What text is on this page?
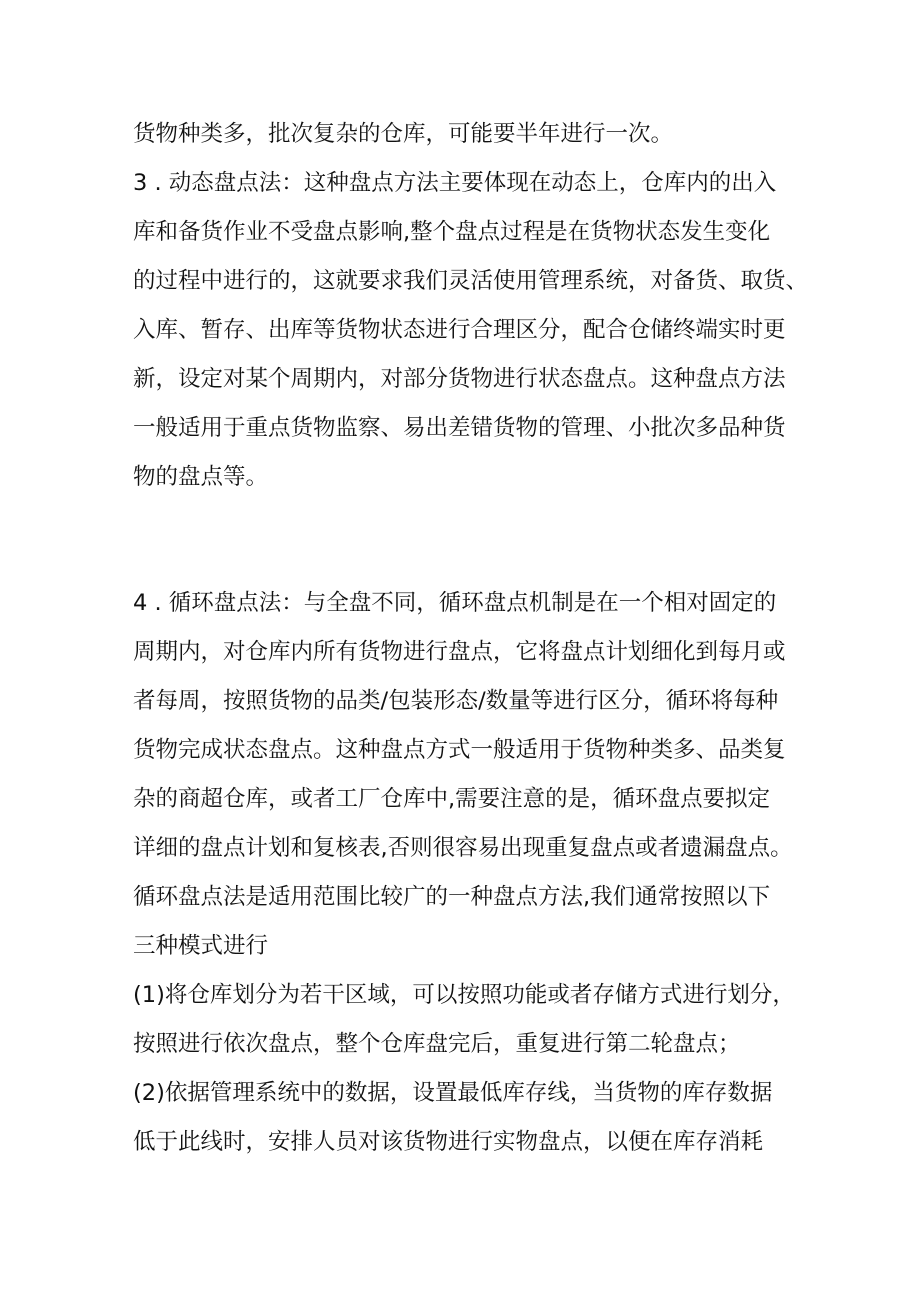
货物种类多，批次复杂的仓库，可能要半年进行一次。
3 . 动态盘点法：这种盘点方法主要体现在动态上，仓库内的出入
库和备货作业不受盘点影响,整个盘点过程是在货物状态发生变化
的过程中进行的，这就要求我们灵活使用管理系统，对备货、取货、
入库、暂存、出库等货物状态进行合理区分，配合仓储终端实时更
新，设定对某个周期内，对部分货物进行状态盘点。这种盘点方法
一般适用于重点货物监察、易出差错货物的管理、小批次多品种货
物的盘点等。
4 . 循环盘点法：与全盘不同，循环盘点机制是在一个相对固定的
周期内，对仓库内所有货物进行盘点，它将盘点计划细化到每月或
者每周，按照货物的品类/包装形态/数量等进行区分，循环将每种
货物完成状态盘点。这种盘点方式一般适用于货物种类多、品类复
杂的商超仓库，或者工厂仓库中,需要注意的是，循环盘点要拟定
详细的盘点计划和复核表,否则很容易出现重复盘点或者遗漏盘点。
循环盘点法是适用范围比较广的一种盘点方法,我们通常按照以下
三种模式进行
(1)将仓库划分为若干区域，可以按照功能或者存储方式进行划分，
按照进行依次盘点，整个仓库盘完后，重复进行第二轮盘点；
(2)依据管理系统中的数据，设置最低库存线，当货物的库存数据
低于此线时，安排人员对该货物进行实物盘点，以便在库存消耗
